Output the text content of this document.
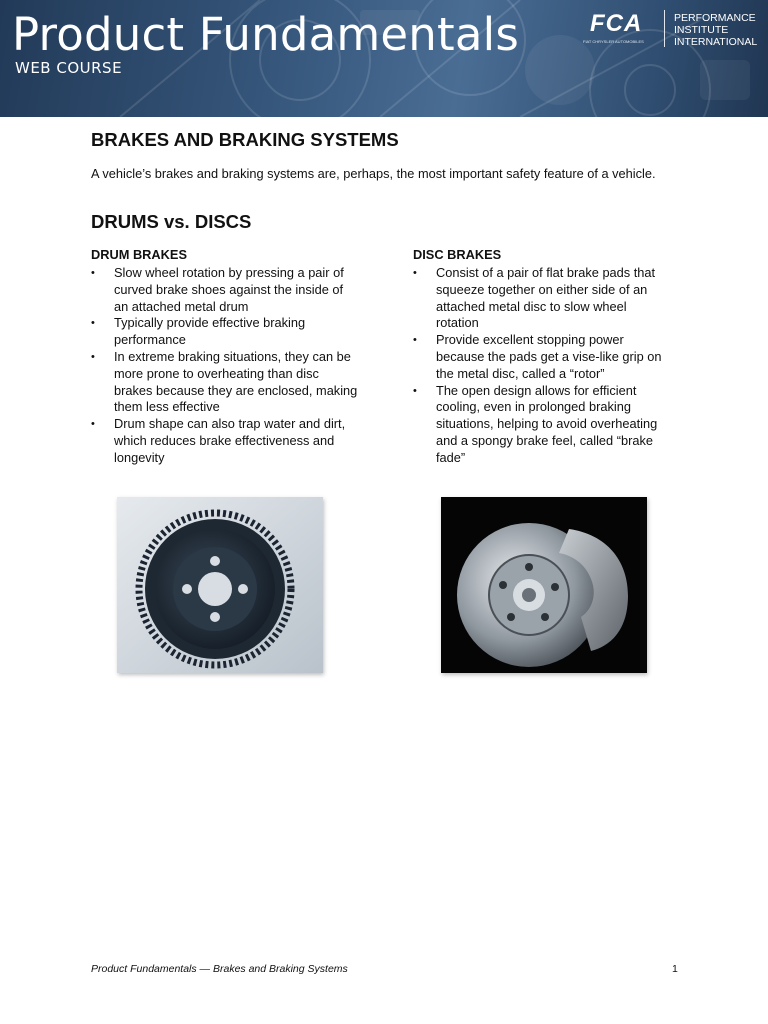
Product Fundamentals
WEB COURSE
FCA
FIAT CHRYSLER AUTOMOBILES
PERFORMANCE
INSTITUTE
INTERNATIONAL
BRAKES AND BRAKING SYSTEMS

A vehicle’s brakes and braking systems are, perhaps, the most important safety feature of a vehicle.

DRUMS vs. DISCS
DRUM BRAKES
• Slow wheel rotation by pressing a pair of curved brake shoes against the inside of an attached metal drum
• Typically provide effective braking performance
• In extreme braking situations, they can be more prone to overheating than disc brakes because they are enclosed, making them less effective
• Drum shape can also trap water and dirt, which reduces brake effectiveness and longevity
DISC BRAKES
• Consist of a pair of flat brake pads that squeeze together on either side of an attached metal disc to slow wheel rotation
• Provide excellent stopping power because the pads get a vise-like grip on the metal disc, called a “rotor”
• The open design allows for efficient cooling, even in prolonged braking situations, helping to avoid overheating and a spongy brake feel, called “brake fade”
Product Fundamentals — Brakes and Braking Systems	1
